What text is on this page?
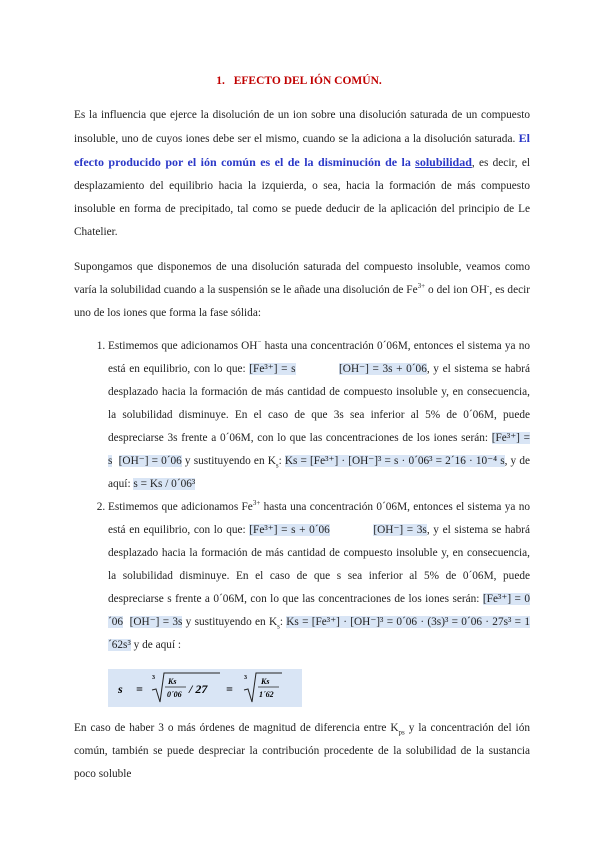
1. EFECTO DEL IÓN COMÚN.

Es la influencia que ejerce la disolución de un ion sobre una disolución saturada de un compuesto insoluble, uno de cuyos iones debe ser el mismo, cuando se la adiciona a la disolución saturada. El efecto producido por el ión común es el de la disminución de la solubilidad, es decir, el desplazamiento del equilibrio hacia la izquierda, o sea, hacia la formación de más compuesto insoluble en forma de precipitado, tal como se puede deducir de la aplicación del principio de Le Chatelier.

Supongamos que disponemos de una disolución saturada del compuesto insoluble, veamos como varía la solubilidad cuando a la suspensión se le añade una disolución de $Fe^{3+}$ o del ion OH-, es decir uno de los iones que forma la fase sólida:

1. Estimemos que adicionamos OH− hasta una concentración 0´06M, entonces el sistema ya no está en equilibrio, con lo que: [Fe³⁺] = s	[OH⁻] = 3s + 0´06, y el sistema se habrá desplazado hacia la formación de más cantidad de compuesto insoluble y, en consecuencia, la solubilidad disminuye. En el caso de que 3s sea inferior al 5% de 0´06M, puede despreciarse 3s frente a 0´06M, con lo que las concentraciones de los iones serán: [Fe³⁺] = s [OH⁻] = 0´06 y sustituyendo en $K_s$: Ks = [Fe³⁺] · [OH⁻]³ = s · 0´06³ = 2´16 · 10⁻⁴ s, y de aquí: s = Ks / 0´06³
2. Estimemos que adicionamos $Fe^{3+}$ hasta una concentración 0´06M, entonces el sistema ya no está en equilibrio, con lo que: [Fe³⁺] = s + 0´06	[OH⁻] = 3s, y el sistema se habrá desplazado hacia la formación de más cantidad de compuesto insoluble y, en consecuencia, la solubilidad disminuye. En el caso de que s sea inferior al 5% de 0´06M, puede despreciarse s frente a 0´06M, con lo que las concentraciones de los iones serán: [Fe³⁺] = 0´06 [OH⁻] = 3s y sustituyendo en $K_s$: Ks = [Fe³⁺] · [OH⁻]³ = 0´06 · (3s)³ = 0´06 · 27s³ = 1´62s³ y de aquí :
s =
3 Ks
0´06 / 27 =
3 Ks
1´62

En caso de haber 3 o más órdenes de magnitud de diferencia entre $K_{ps}$ y la concentración del ión común, también se puede despreciar la contribución procedente de la solubilidad de la sustancia poco soluble
